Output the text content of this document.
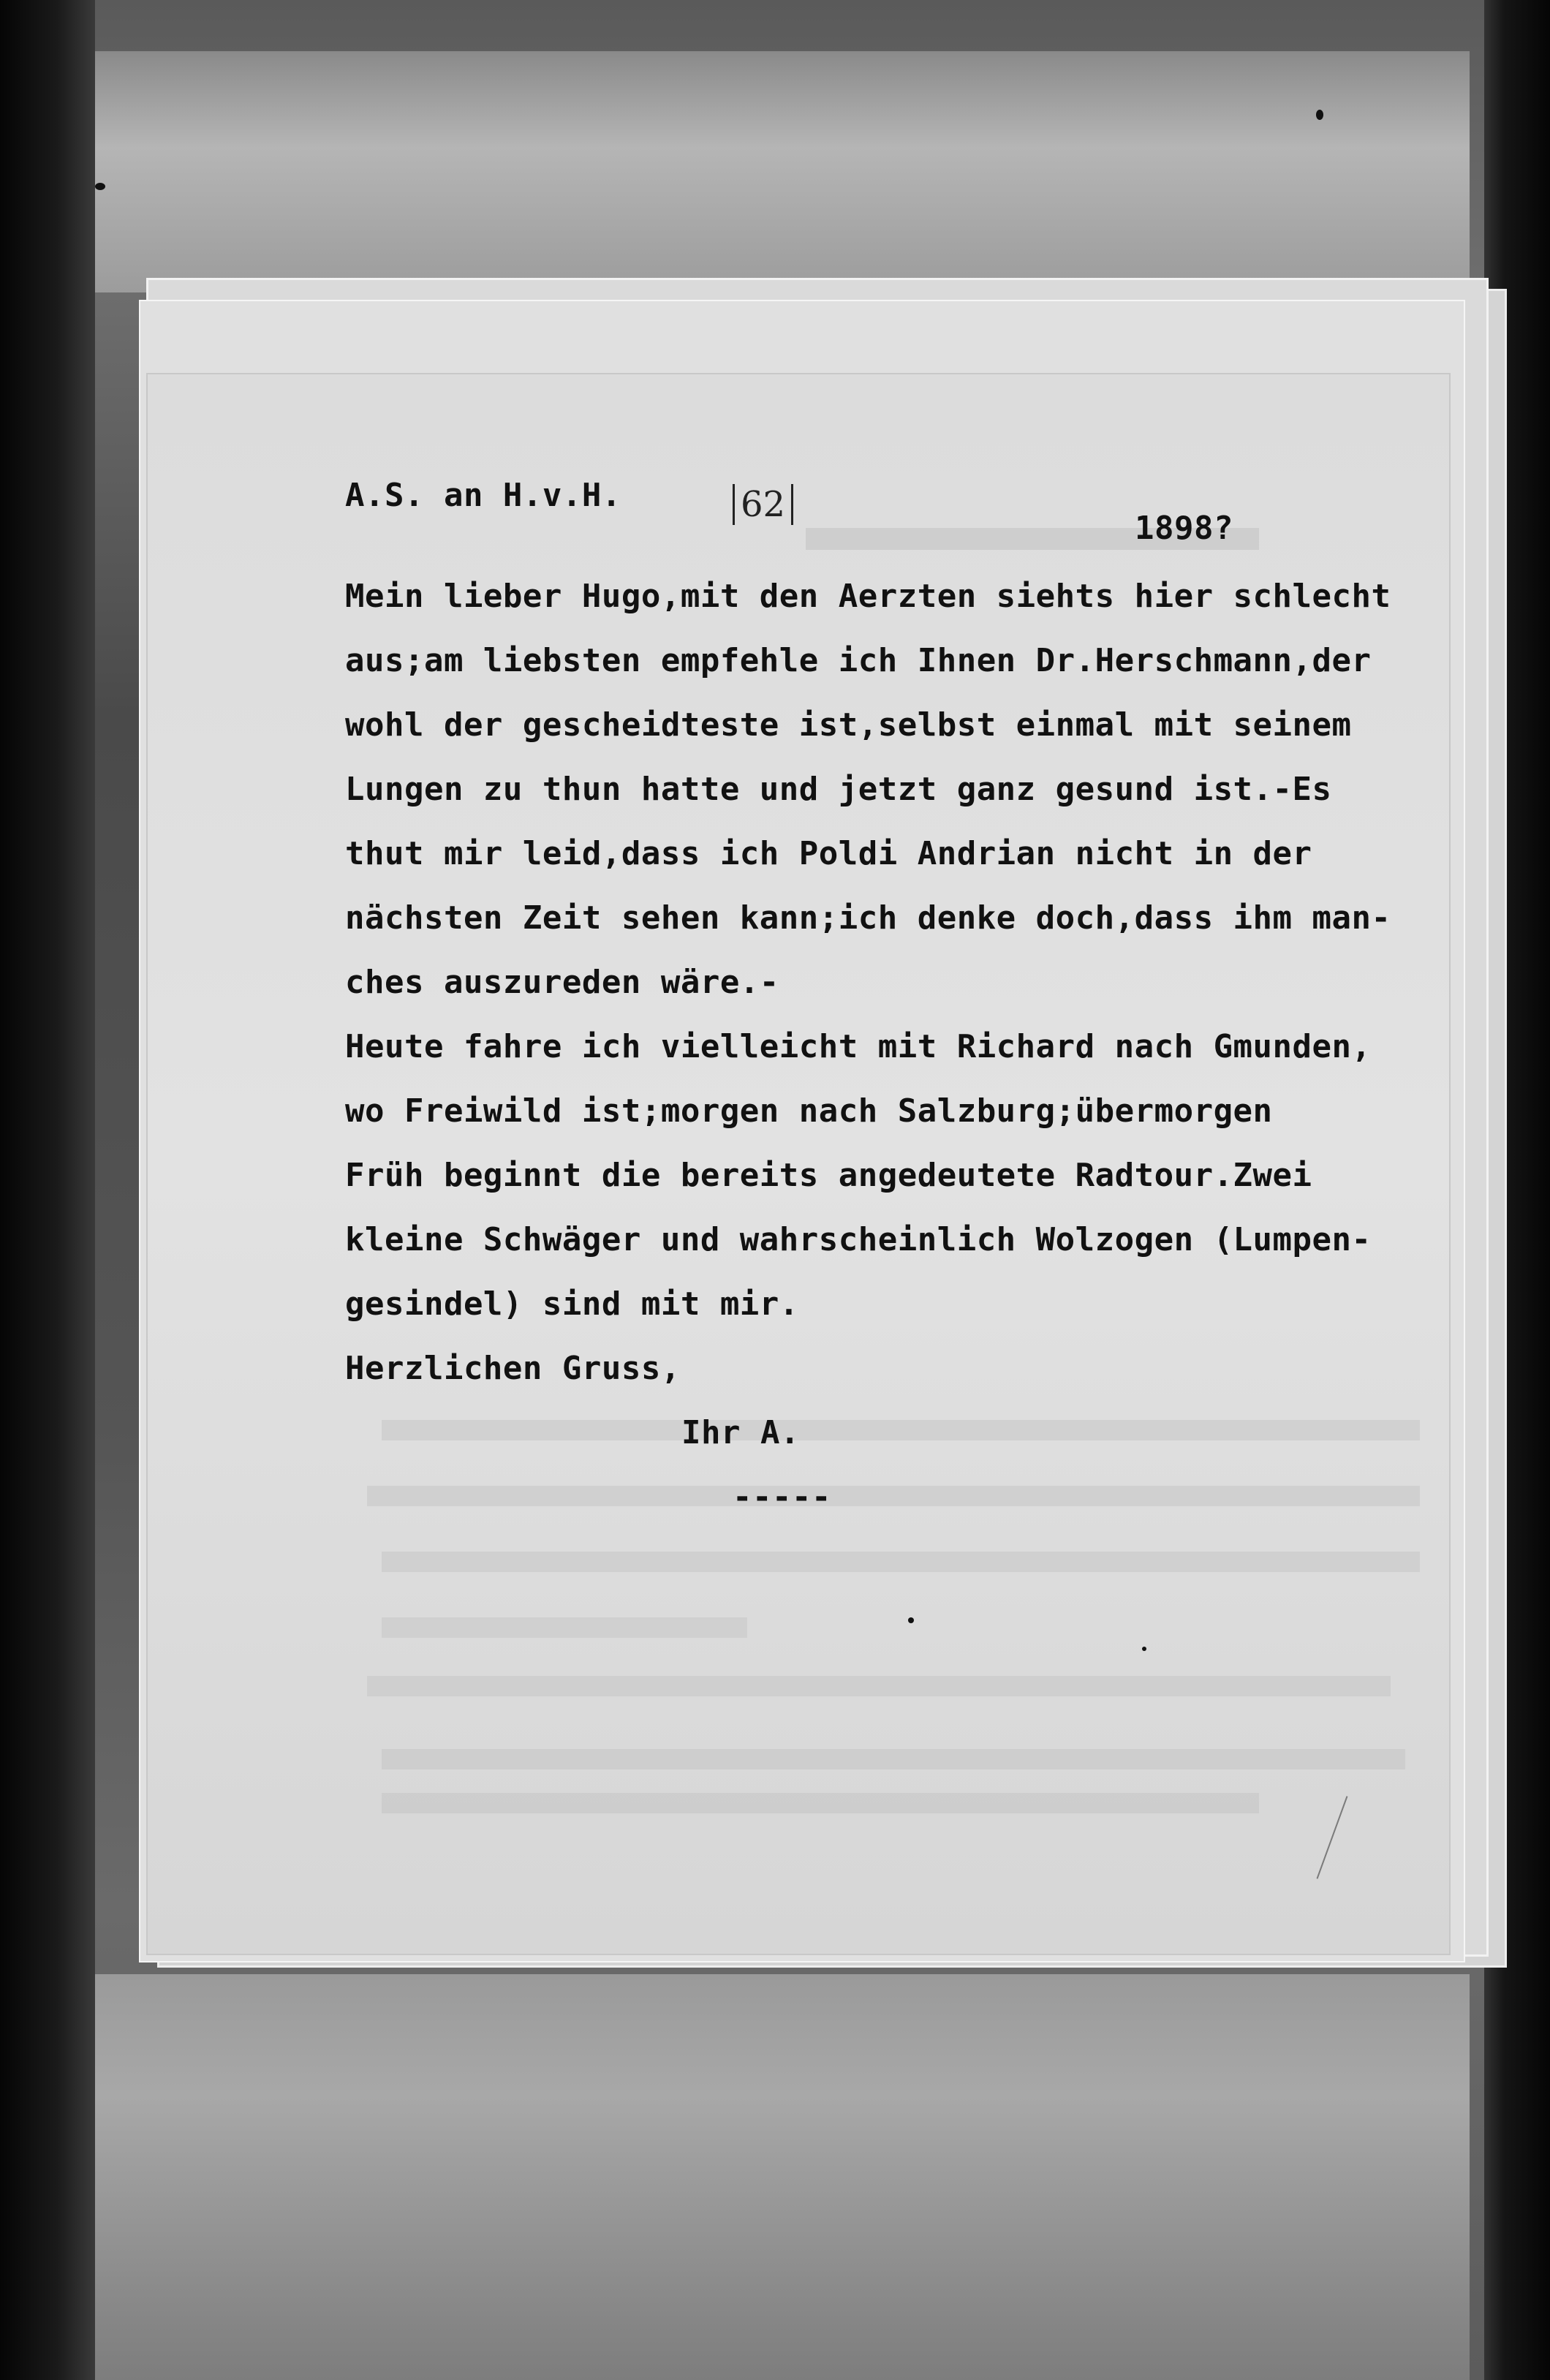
A.S. an H.v.H.	62
1898?
Mein lieber Hugo,mit den Aerzten siehts hier schlecht
aus;am liebsten empfehle ich Ihnen Dr.Herschmann,der
wohl der gescheidteste ist,selbst einmal mit seinem
Lungen zu thun hatte und jetzt ganz gesund ist.-Es
thut mir leid,dass ich Poldi Andrian nicht in der
nächsten Zeit sehen kann;ich denke doch,dass ihm man-
ches auszureden wäre.-
Heute fahre ich vielleicht mit Richard nach Gmunden,
wo Freiwild ist;morgen nach Salzburg;übermorgen
Früh beginnt die bereits angedeutete Radtour.Zwei
kleine Schwäger und wahrscheinlich Wolzogen (Lumpen-
gesindel) sind mit mir.
Herzlichen Gruss,
Ihr A.
-----
